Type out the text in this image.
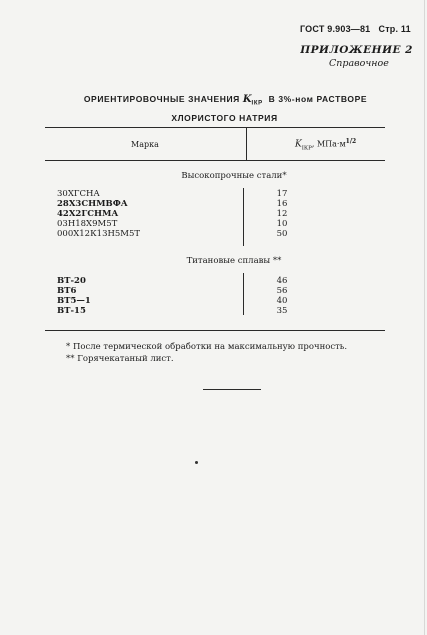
ГОСТ 9.903—81 Стр. 11
ПРИЛОЖЕНИЕ 2
Справочное
ОРИЕНТИРОВОЧНЫЕ ЗНАЧЕНИЯ $K_{ІКР}$ В 3%-ном РАСТВОРЕ
ХЛОРИСТОГО НАТРИЯ
Марка	$K_{ІКР}$, $МПа\cdot м^{1/2}$
Высокопрочные стали*
30ХГСНА	17
28Х3СНМВФА	16
42Х2ГСНМА	12
03Н18Х9М5Т	10
000Х12К13Н5М5Т	50
Титановые сплавы **
ВТ-20	46
ВТ6	56
ВТ5—1	40
ВТ-15	35
* После термической обработки на максимальную прочность.
** Горячекатаный лист.
